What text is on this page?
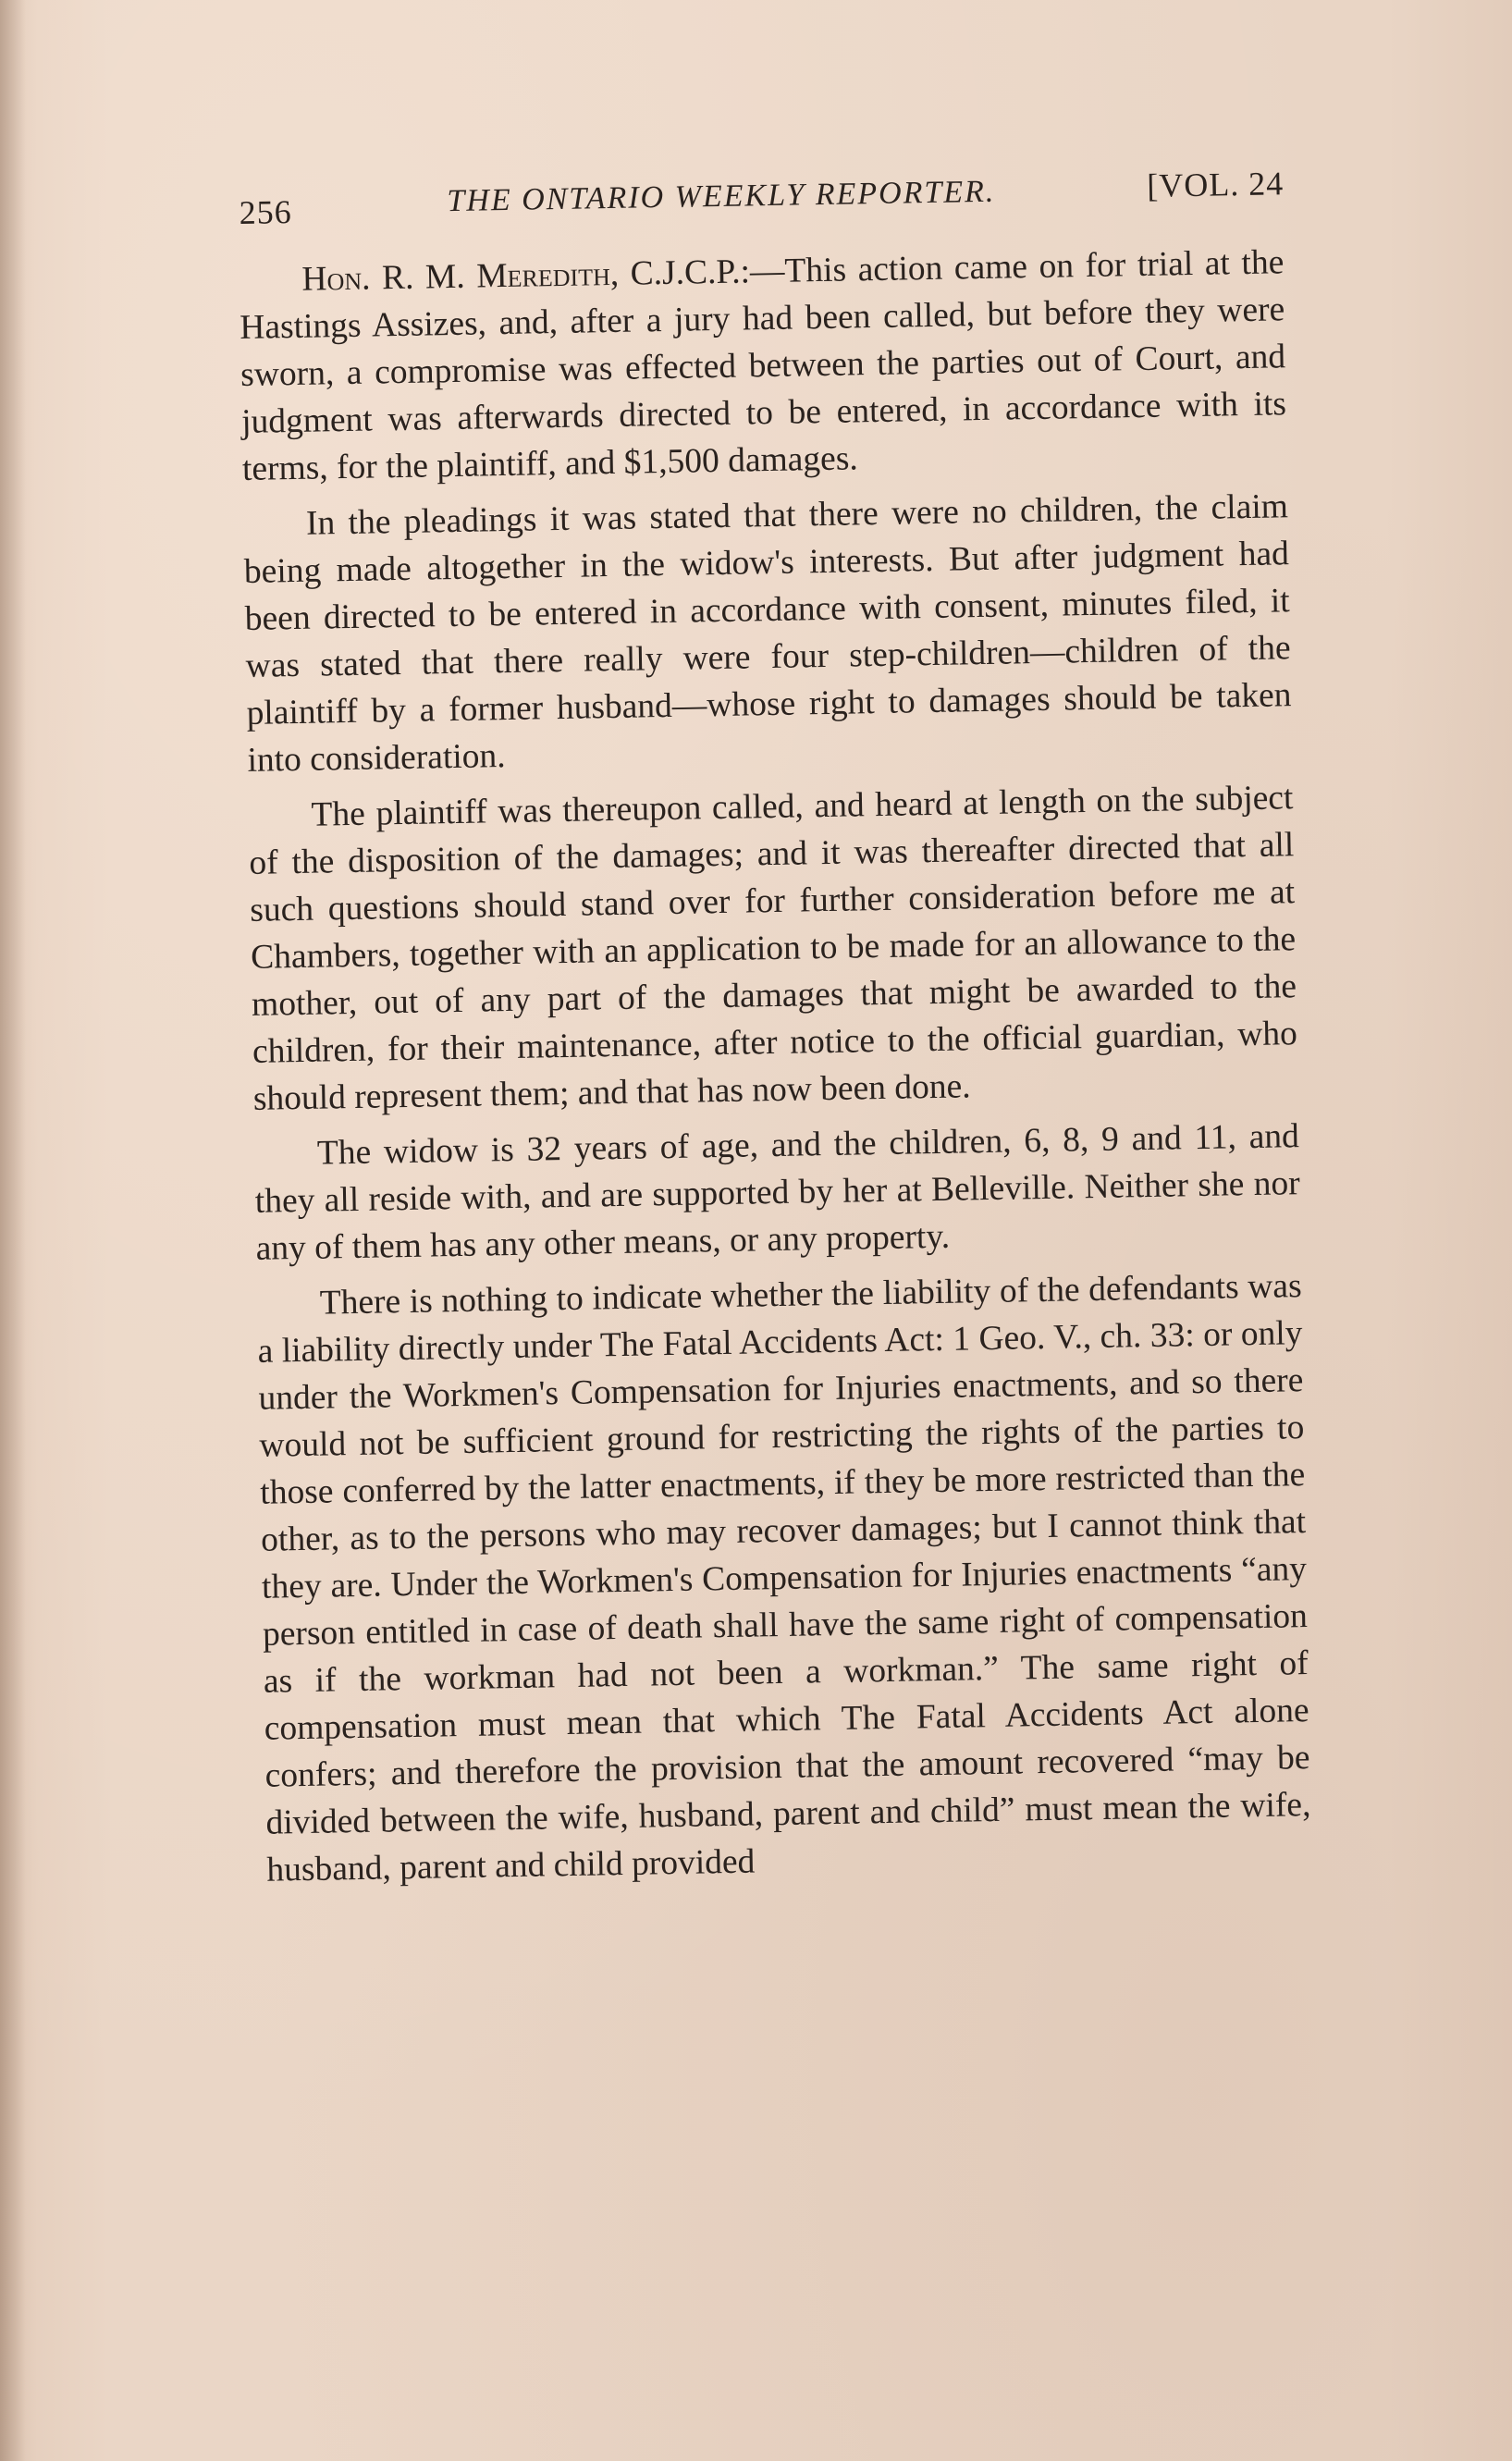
256	THE ONTARIO WEEKLY REPORTER.	[VOL. 24

Hon. R. M. Meredith, C.J.C.P.:—This action came on for trial at the Hastings Assizes, and, after a jury had been called, but before they were sworn, a compromise was effected between the parties out of Court, and judgment was afterwards directed to be entered, in accordance with its terms, for the plaintiff, and $1,500 damages.

In the pleadings it was stated that there were no children, the claim being made altogether in the widow's interests. But after judgment had been directed to be entered in accordance with consent, minutes filed, it was stated that there really were four step-children—children of the plaintiff by a former husband—whose right to damages should be taken into consideration.

The plaintiff was thereupon called, and heard at length on the subject of the disposition of the damages; and it was thereafter directed that all such questions should stand over for further consideration before me at Chambers, together with an application to be made for an allowance to the mother, out of any part of the damages that might be awarded to the children, for their maintenance, after notice to the official guardian, who should represent them; and that has now been done.

The widow is 32 years of age, and the children, 6, 8, 9 and 11, and they all reside with, and are supported by her at Belleville. Neither she nor any of them has any other means, or any property.

There is nothing to indicate whether the liability of the defendants was a liability directly under The Fatal Accidents Act: 1 Geo. V., ch. 33: or only under the Workmen's Compensation for Injuries enactments, and so there would not be sufficient ground for restricting the rights of the parties to those conferred by the latter enactments, if they be more restricted than the other, as to the persons who may recover damages; but I cannot think that they are. Under the Workmen's Compensation for Injuries enactments “any person entitled in case of death shall have the same right of compensation as if the workman had not been a workman.” The same right of compensation must mean that which The Fatal Accidents Act alone confers; and therefore the provision that the amount recovered “may be divided between the wife, husband, parent and child” must mean the wife, husband, parent and child provided
